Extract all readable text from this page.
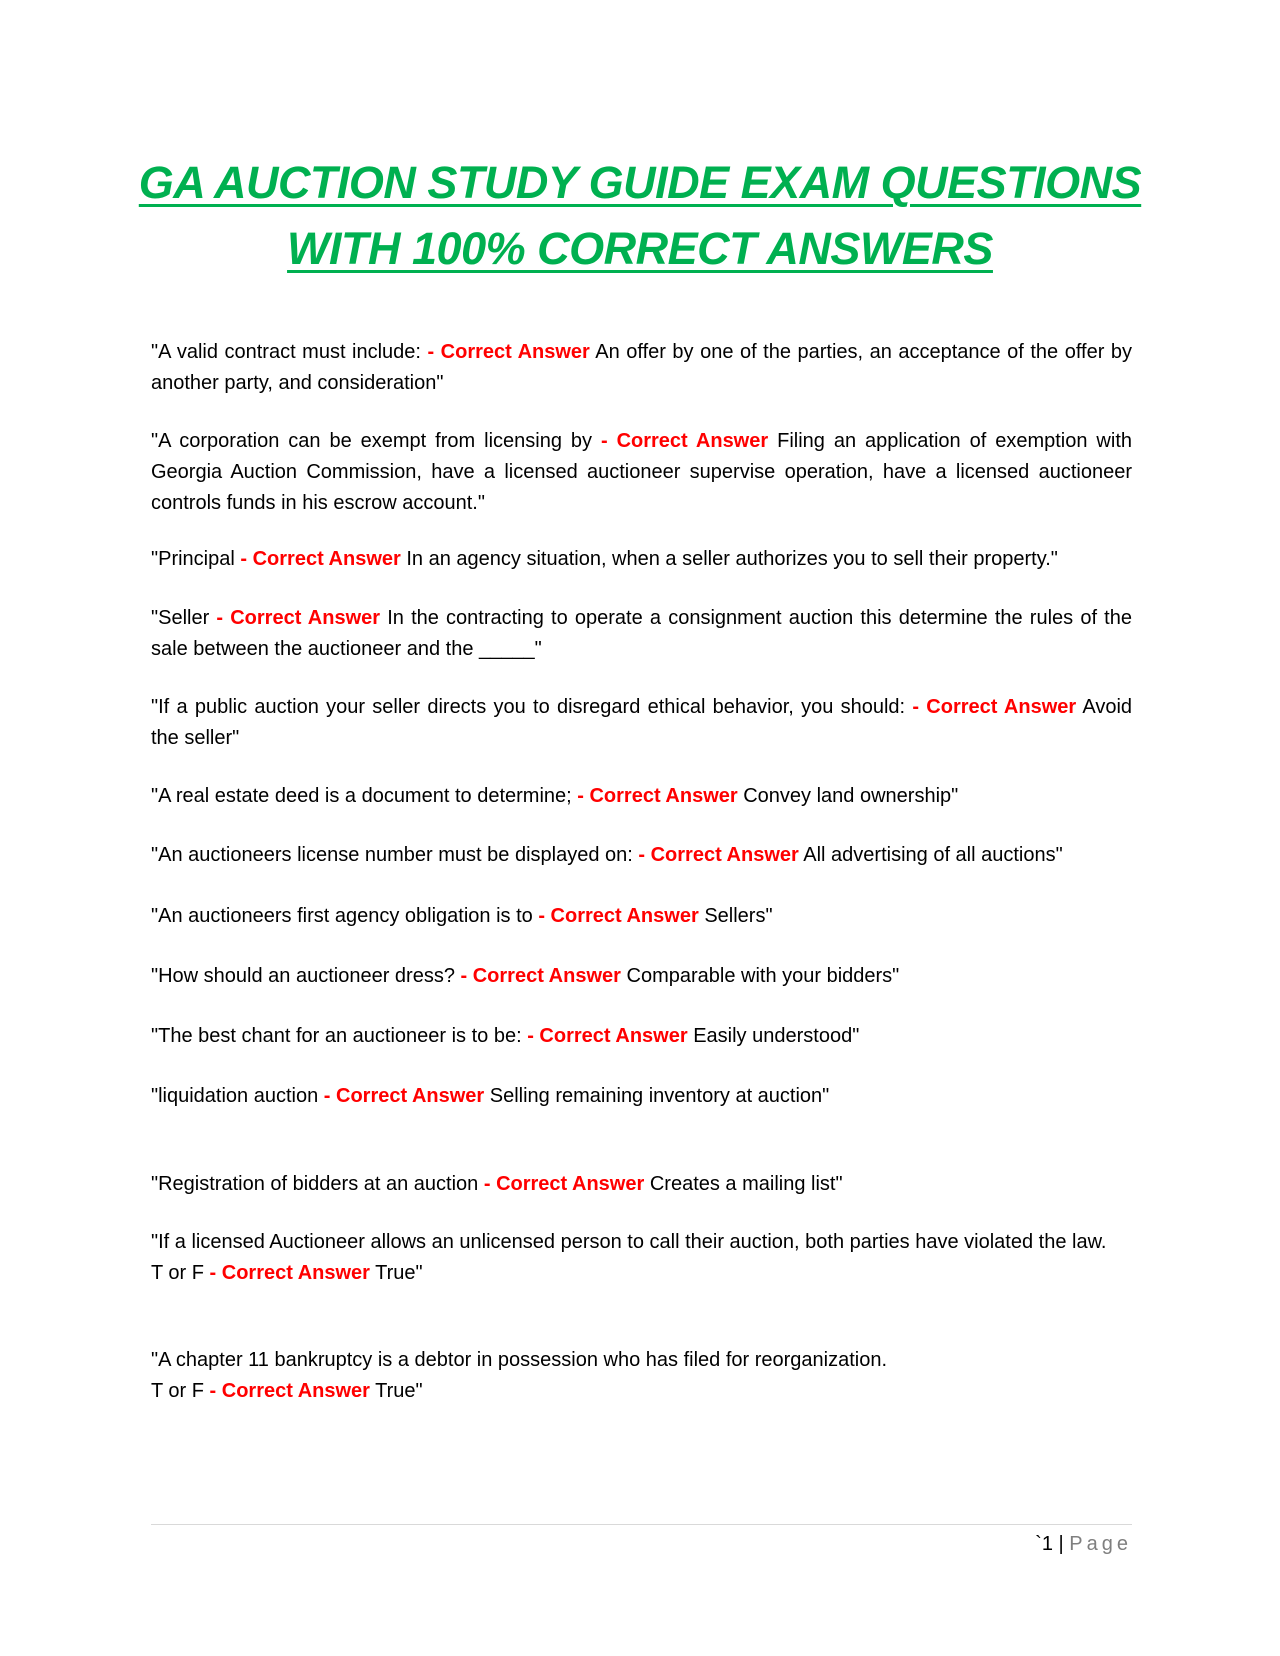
GA AUCTION STUDY GUIDE EXAM QUESTIONS
WITH 100% CORRECT ANSWERS

"A valid contract must include: - Correct Answer An offer by one of the parties, an acceptance of the offer by another party, and consideration"

"A corporation can be exempt from licensing by - Correct Answer Filing an application of exemption with Georgia Auction Commission, have a licensed auctioneer supervise operation, have a licensed auctioneer controls funds in his escrow account."

"Principal - Correct Answer In an agency situation, when a seller authorizes you to sell their property."

"Seller - Correct Answer In the contracting to operate a consignment auction this determine the rules of the sale between the auctioneer and the _____"

"If a public auction your seller directs you to disregard ethical behavior, you should: - Correct Answer Avoid the seller"

"A real estate deed is a document to determine; - Correct Answer Convey land ownership"

"An auctioneers license number must be displayed on: - Correct Answer All advertising of all auctions"

"An auctioneers first agency obligation is to - Correct Answer Sellers"

"How should an auctioneer dress? - Correct Answer Comparable with your bidders"

"The best chant for an auctioneer is to be: - Correct Answer Easily understood"

"liquidation auction - Correct Answer Selling remaining inventory at auction"

"Registration of bidders at an auction - Correct Answer Creates a mailing list"

"If a licensed Auctioneer allows an unlicensed person to call their auction, both parties have violated the law.
T or F - Correct Answer True"

"A chapter 11 bankruptcy is a debtor in possession who has filed for reorganization.
T or F - Correct Answer True"

`1 | Page
